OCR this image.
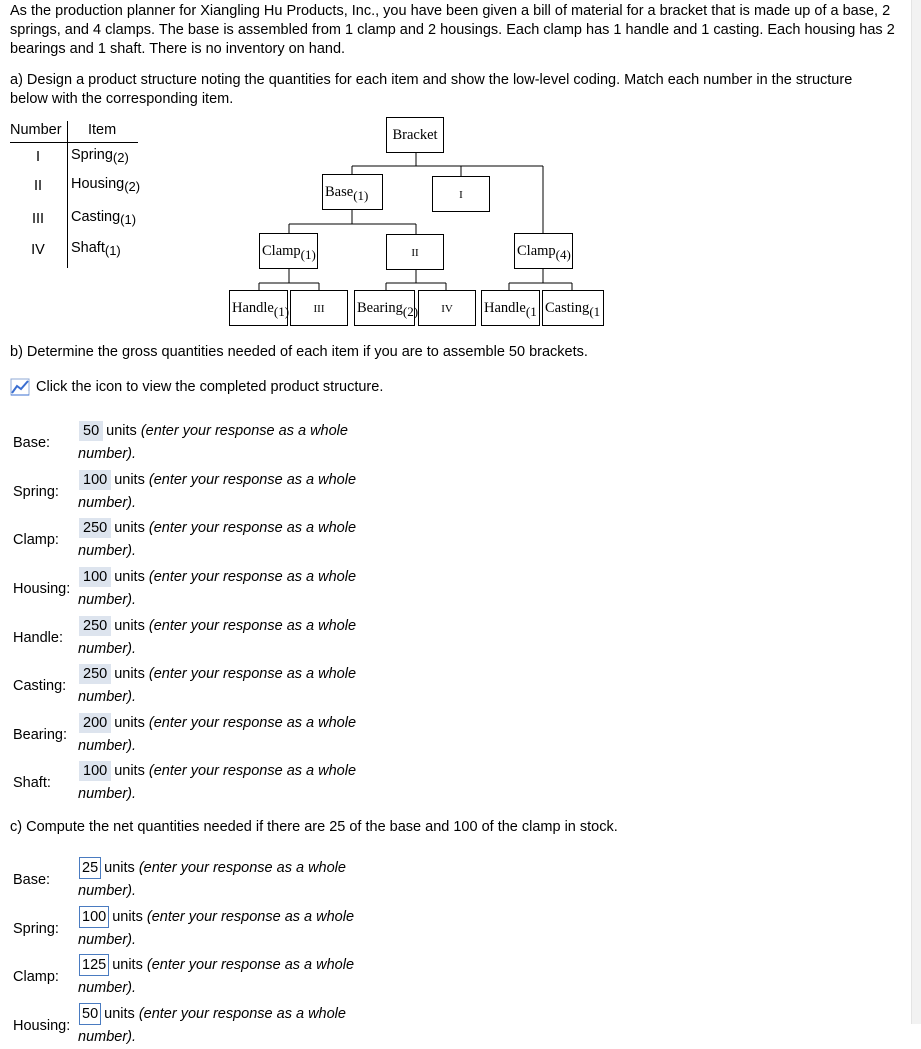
As the production planner for Xiangling Hu Products, Inc., you have been given a bill of material for a bracket that is made up of a base, 2 springs, and 4 clamps. The base is assembled from 1 clamp and 2 housings. Each clamp has 1 handle and 1 casting. Each housing has 2 bearings and 1 shaft. There is no inventory on hand.
a) Design a product structure noting the quantities for each item and show the low-level coding. Match each number in the structure below with the corresponding item.
Number	Item
I	Spring$_{(2)}$
II	Housing$_{(2)}$
III	Casting$_{(1)}$
IV	Shaft$_{(1)}$
Bracket
Base$_{(1)}$	I
Clamp$_{(1)}$	II	Clamp$_{(4)}$
Handle$_{(1)}$	III	Bearing$_{(2)}$	IV	Handle$_{(1}$ Casting$_{(1}$
b) Determine the gross quantities needed of each item if you are to assemble 50 brackets.
Click the icon to view the completed product structure.
Base:
50 units (enter your response as a whole
number).
Spring:
100 units (enter your response as a whole
number).
Clamp:
250 units (enter your response as a whole
number).
Housing:
100 units (enter your response as a whole
number).
Handle:
250 units (enter your response as a whole
number).
Casting:
250 units (enter your response as a whole
number).
Bearing:
200 units (enter your response as a whole
number).
Shaft:
100 units (enter your response as a whole
number).
c) Compute the net quantities needed if there are 25 of the base and 100 of the clamp in stock.
Base:
25 units (enter your response as a whole
number).
Spring:
100 units (enter your response as a whole
number).
Clamp:
125 units (enter your response as a whole
number).
Housing:
50 units (enter your response as a whole
number).
